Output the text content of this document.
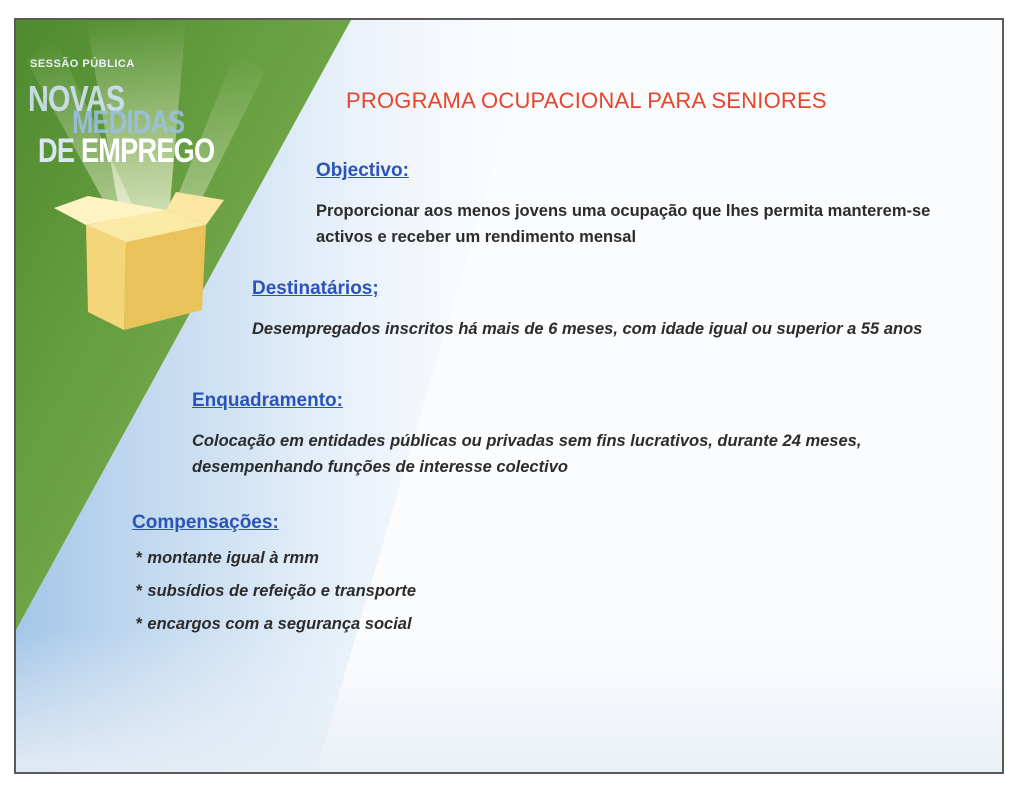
SESSÃO PÚBLICA
NOVAS
MEDIDAS
DE EMPREGO
PROGRAMA OCUPACIONAL PARA SENIORES
Objectivo:
Proporcionar aos menos jovens uma ocupação que lhes permita manterem-se activos e receber um rendimento mensal
Destinatários;
Desempregados inscritos há mais de 6 meses, com idade igual ou superior a 55 anos
Enquadramento:
Colocação em entidades públicas ou privadas sem fins lucrativos, durante 24 meses, desempenhando funções de interesse colectivo
Compensações:
* montante igual à rmm
* subsídios de refeição e transporte
* encargos com a segurança social
